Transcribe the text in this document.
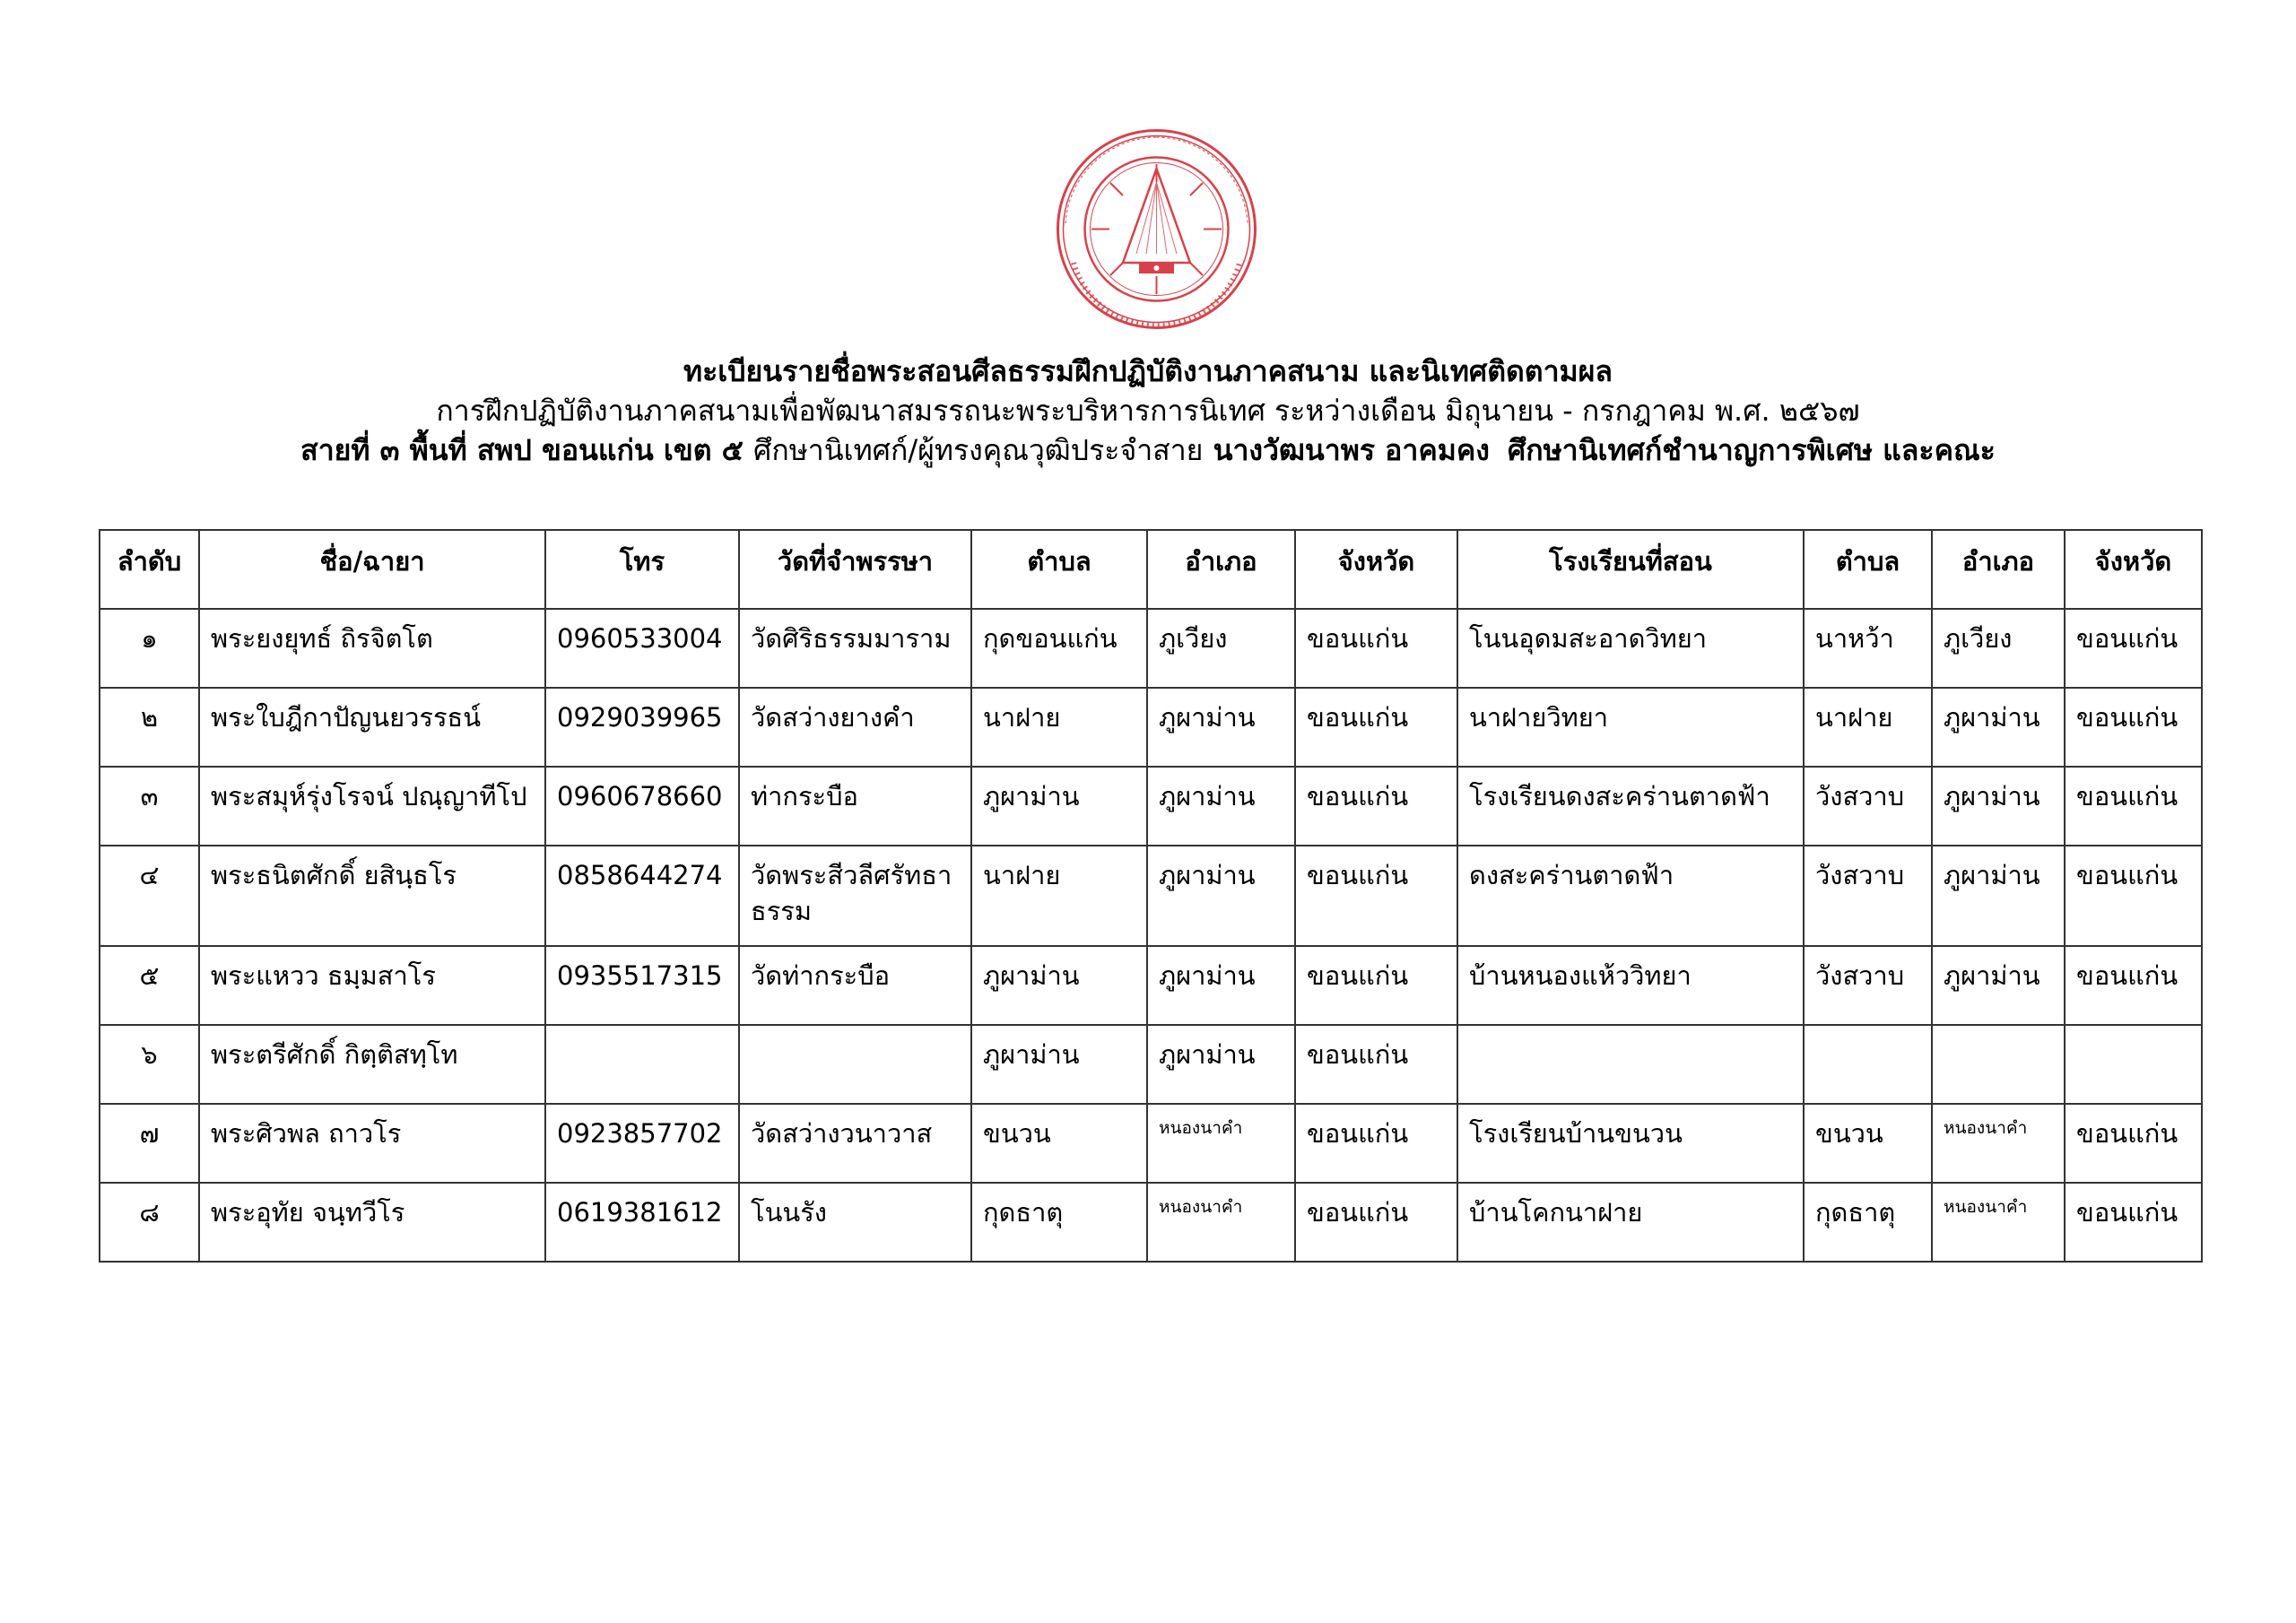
ทะเบียนรายชื่อพระสอนศีลธรรมฝึกปฏิบัติงานภาคสนาม และนิเทศติดตามผล
การฝึกปฏิบัติงานภาคสนามเพื่อพัฒนาสมรรถนะพระบริหารการนิเทศ ระหว่างเดือน มิถุนายน - กรกฎาคม พ.ศ. ๒๕๖๗
สายที่ ๓ พื้นที่ สพป ขอนแก่น เขต ๕ ศึกษานิเทศก์/ผู้ทรงคุณวุฒิประจำสาย นางวัฒนาพร อาคมคง ศึกษานิเทศก์ชำนาญการพิเศษ และคณะ
ลำดับ	ชื่อ/ฉายา	โทร	วัดที่จำพรรษา	ตำบล	อำเภอ	จังหวัด	โรงเรียนที่สอน	ตำบล	อำเภอ	จังหวัด
๑	พระยงยุทธ์ ถิรจิตโต	0960533004	วัดศิริธรรมมาราม	กุดขอนแก่น	ภูเวียง	ขอนแก่น	โนนอุดมสะอาดวิทยา	นาหว้า	ภูเวียง	ขอนแก่น
๒	พระใบฎีกาปัญนยวรรธน์	0929039965	วัดสว่างยางคำ	นาฝาย	ภูผาม่าน	ขอนแก่น	นาฝายวิทยา	นาฝาย	ภูผาม่าน	ขอนแก่น
๓	พระสมุห์รุ่งโรจน์ ปณฺญาทีโป	0960678660	ท่ากระบือ	ภูผาม่าน	ภูผาม่าน	ขอนแก่น	โรงเรียนดงสะคร่านตาดฟ้า	วังสวาบ	ภูผาม่าน	ขอนแก่น
๔	พระธนิตศักดิ์ ยสินฺธโร	0858644274	วัดพระสีวลีศรัทธาธรรม	นาฝาย	ภูผาม่าน	ขอนแก่น	ดงสะคร่านตาดฟ้า	วังสวาบ	ภูผาม่าน	ขอนแก่น
๕	พระแหวว ธมฺมสาโร	0935517315	วัดท่ากระบือ	ภูผาม่าน	ภูผาม่าน	ขอนแก่น	บ้านหนองแห้ววิทยา	วังสวาบ	ภูผาม่าน	ขอนแก่น
๖	พระตรีศักดิ์ กิตฺติสทฺโท			ภูผาม่าน	ภูผาม่าน	ขอนแก่น				
๗	พระศิวพล ถาวโร	0923857702	วัดสว่างวนาวาส	ขนวน	หนองนาคำ	ขอนแก่น	โรงเรียนบ้านขนวน	ขนวน	หนองนาคำ	ขอนแก่น
๘	พระอุทัย จนฺทวีโร	0619381612	โนนรัง	กุดธาตุ	หนองนาคำ	ขอนแก่น	บ้านโคกนาฝาย	กุดธาตุ	หนองนาคำ	ขอนแก่น
